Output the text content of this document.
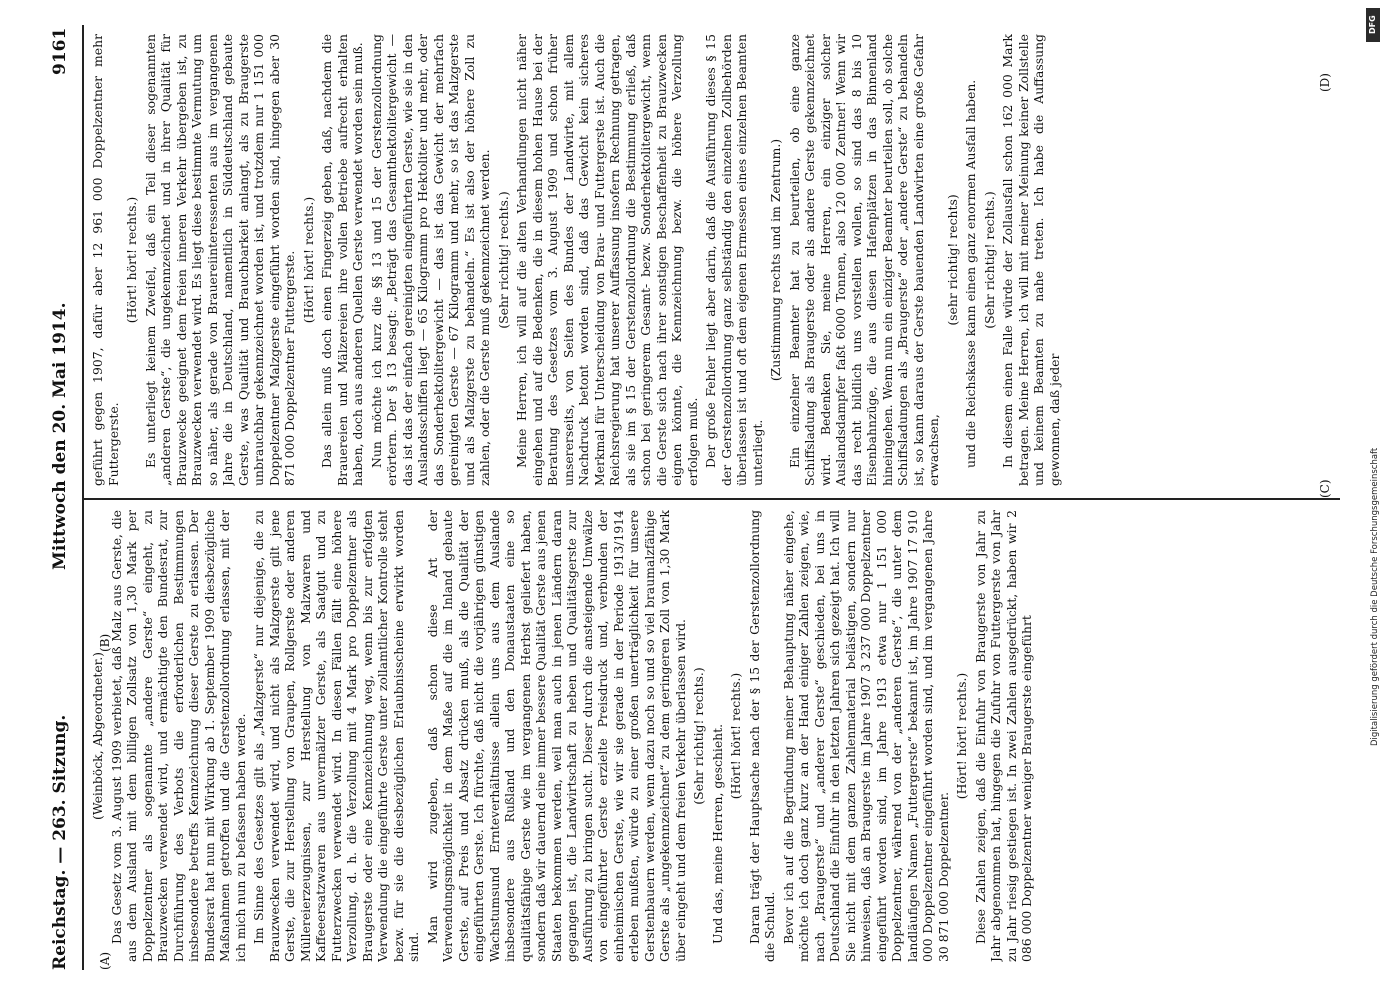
Reichstag. — 263. Sitzung.
Mittwoch den 20. Mai 1914.
9161
(A)
(B)
(C)
(D)

(Weinböck, Abgeordneter.) Das Gesetz vom 3. August 1909 verbietet, daß Malz aus Gerste, die aus dem Ausland mit dem billigen Zollsatz von 1,30 Mark per Doppelzentner als sogenannte „andere Gerste“ eingeht, zu Brauzwecken verwendet wird, und ermächtigte den Bundesrat, zur Durchführung des Verbots die erforderlichen Bestimmungen insbesondere betreffs Kennzeichnung dieser Gerste zu erlassen. Der Bundesrat hat nun mit Wirkung ab 1. September 1909 diesbezügliche Maßnahmen getroffen und die Gerstenzollordnung erlassen, mit der ich mich nun zu befassen haben werde. Im Sinne des Gesetzes gilt als „Malzgerste“ nur diejenige, die zu Brauzwecken verwendet wird, und nicht als Malzgerste gilt jene Gerste, die zur Herstellung von Graupen, Rollgerste oder anderen Müllereierzeugnissen, zur Herstellung von Malzwaren und Kaffeeersatzwaren aus unvermälzter Gerste, als Saatgut und zu Futterzwecken verwendet wird. In diesen Fällen fällt eine höhere Verzollung, d. h. die Verzollung mit 4 Mark pro Doppelzentner als Braugerste oder eine Kennzeichnung weg, wenn bis zur erfolgten Verwendung die eingeführte Gerste unter zollamtlicher Kontrolle steht bezw. für sie die diesbezüglichen Erlaubnisscheine erwirkt worden sind.

Man wird zugeben, daß schon diese Art der Verwendungsmöglichkeit in dem Maße auf die im Inland gebaute Gerste, auf Preis und Absatz drücken muß, als die Qualität der eingeführten Gerste. Ich fürchte, daß nicht die vorjährigen günstigen Wachstumsund Ernteverhältnisse allein uns aus dem Auslande insbesondere aus Rußland und den Donaustaaten eine so qualitätsfähige Gerste wie im vergangenen Herbst geliefert haben, sondern daß wir dauernd eine immer bessere Qualität Gerste aus jenen Staaten bekommen werden, weil man auch in jenen Ländern daran gegangen ist, die Landwirtschaft zu heben und Qualitätsgerste zur Ausführung zu bringen sucht. Dieser durch die ansteigende Umwälze von eingeführter Gerste erzielte Preisdruck und, verbunden der einheimischen Gerste, wie wir sie gerade in der Periode 1913/1914 erleben mußten, würde zu einer großen unerträglichkeit für unsere Gerstenbauern werden, wenn dazu noch so und so viel braumalzfähige Gerste als „ungekennzeichnet“ zu dem geringeren Zoll von 1,30 Mark über eingeht und dem freien Verkehr überlassen wird. (Sehr richtig! rechts.) Und das, meine Herren, geschieht. (Hört! hört! rechts.) Daran trägt der Hauptsache nach der § 15 der Gerstenzollordnung die Schuld. Bevor ich auf die Begründung meiner Behauptung näher eingehe, möchte ich doch ganz kurz an der Hand einiger Zahlen zeigen, wie, nach „Braugerste“ und „anderer Gerste“ geschieden, bei uns in Deutschland die Einfuhr in den letzten Jahren sich gezeigt hat. Ich will Sie nicht mit dem ganzen Zahlenmaterial belästigen, sondern nur hinweisen, daß an Braugerste im Jahre 1907 3 237 000 Doppelzentner eingeführt worden sind, im Jahre 1913 etwa nur 1 151 000 Doppelzentner, während von der „anderen Gerste“, die unter dem landläufigen Namen „Futtergerste“ bekannt ist, im Jahre 1907 17 910 000 Doppelzentner eingeführt worden sind, und im vergangenen Jahre 30 871 000 Doppelzentner.

(Hört! hört! rechts.) Diese Zahlen zeigen, daß die Einfuhr von Braugerste von Jahr zu Jahr abgenommen hat, hingegen die Zufuhr von Futtergerste von Jahr zu Jahr riesig gestiegen ist. In zwei Zahlen ausgedrückt, haben wir 2 086 000 Doppelzentner weniger Braugerste eingeführt

geführt gegen 1907, dafür aber 12 961 000 Doppelzentner mehr Futtergerste.

(Hört! hört! rechts.) Es unterliegt keinem Zweifel, daß ein Teil dieser sogenannten „anderen Gerste“, die ungekennzeichnet und in ihrer Qualität für Brauzwecke geeignet dem freien inneren Verkehr übergeben ist, zu Brauzwecken verwendet wird. Es liegt diese bestimmte Vermutung um so näher, als gerade von Brauereiinteressenten aus im vergangenen Jahre die in Deutschland, namentlich in Süddeutschland gebaute Gerste, was Qualität und Brauchbarkeit anlangt, als zu Braugerste unbrauchbar gekennzeichnet worden ist, und trotzdem nur 1 151 000 Doppelzentner Malzgerste eingeführt worden sind, hingegen aber 30 871 000 Doppelzentner Futtergerste. (Hört! hört! rechts.) Das allein muß doch einen Fingerzeig geben, daß, nachdem die Brauereien und Mälzereien ihre vollen Betriebe aufrecht erhalten haben, doch aus anderen Quellen Gerste verwendet worden sein muß. Nun möchte ich kurz die §§ 13 und 15 der Gerstenzollordnung erörtern. Der § 13 besagt: „Beträgt das Gesamthektolitergewicht — das ist das der einfach gereinigten eingeführten Gerste, wie sie in den Auslandsschiffen liegt — 65 Kilogramm pro Hektoliter und mehr, oder das Sonderhektolitergewicht — das ist das Gewicht der mehrfach gereinigten Gerste — 67 Kilogramm und mehr, so ist das Malzgerste und als Malzgerste zu behandeln.“ Es ist also der höhere Zoll zu zahlen, oder die Gerste muß gekennzeichnet werden. (Sehr richtig! rechts.) Meine Herren, ich will auf die alten Verhandlungen nicht näher eingehen und auf die Bedenken, die in diesem hohen Hause bei der Beratung des Gesetzes vom 3. August 1909 und schon früher unsererseits, von Seiten des Bundes der Landwirte, mit allem Nachdruck betont worden sind, daß das Gewicht kein sicheres Merkmal für Unterscheidung von Brau- und Futtergerste ist. Auch die Reichsregierung hat unserer Auffassung insofern Rechnung getragen, als sie im § 15 der Gerstenzollordnung die Bestimmung erließ, daß schon bei geringerem Gesamt- bezw. Sonderhektolitergewicht, wenn die Gerste sich nach ihrer sonstigen Beschaffenheit zu Brauzwecken eignen könnte, die Kennzeichnung bezw. die höhere Verzollung erfolgen muß. Der große Fehler liegt aber darin, daß die Ausführung dieses § 15 der Gerstenzollordnung ganz selbständig den einzelnen Zollbehörden überlassen ist und oft dem eigenen Ermessen eines einzelnen Beamten unterliegt.

(Zustimmung rechts und im Zentrum.) Ein einzelner Beamter hat zu beurteilen, ob eine ganze Schiffsladung als Braugerste oder als andere Gerste gekennzeichnet wird. Bedenken Sie, meine Herren, ein einziger solcher Auslandsdampfer faßt 6000 Tonnen, also 120 000 Zentner! Wenn wir das recht bildlich uns vorstellen wollen, so sind das 8 bis 10 Eisenbahnzüge, die aus diesen Hafenplätzen in das Binnenland hineingehen. Wenn nun ein einziger Beamter beurteilen soll, ob solche Schiffsladungen als „Braugerste“ oder „andere Gerste“ zu behandeln ist, so kann daraus der Gerste bauenden Landwirten eine große Gefahr erwachsen,

(sehr richtig! rechts) und die Reichskasse kann einen ganz enormen Ausfall haben. (Sehr richtig! rechts.) In diesem einen Falle würde der Zollausfall schon 162 000 Mark betragen. Meine Herren, ich will mit meiner Meinung keiner Zollstelle und keinem Beamten zu nahe treten. Ich habe die Auffassung gewonnen, daß jeder

DFG
Digitalisierung gefördert durch die Deutsche Forschungsgemeinschaft
